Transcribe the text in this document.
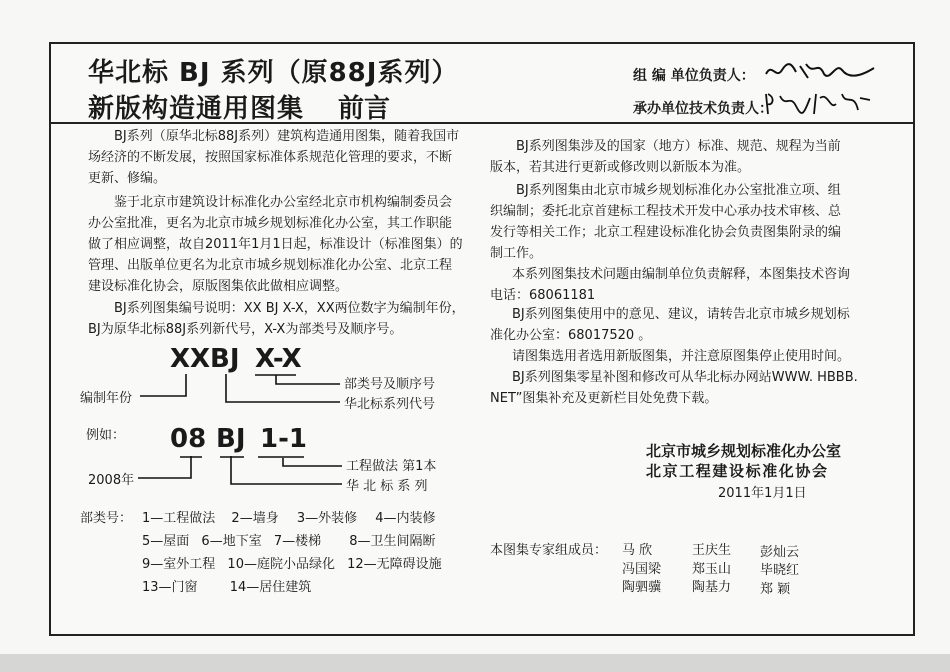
华北标 BJ 系列（原88J系列）
新版构造通用图集 前言
组 编 单位负责人：
承办单位技术负责人：
BJ系列（原华北标88J系列）建筑构造通用图集，随着我国市
场经济的不断发展，按照国家标准体系规范化管理的要求，不断
更新、修编。
鉴于北京市建筑设计标准化办公室经北京市机构编制委员会
办公室批准，更名为北京市城乡规划标准化办公室，其工作职能
做了相应调整，故自2011年1月1日起，标准设计（标准图集）的
管理、出版单位更名为北京市城乡规划标准化办公室、北京工程
建设标准化协会，原版图集依此做相应调整。
BJ系列图集编号说明：XX BJ X-X，XX两位数字为编制年份，
BJ为原华北标88J系列新代号，X-X为部类号及顺序号。
XX BJ X-X
编制年份
部类号及顺序号
华北标系列代号
例如： 08 BJ 1-1
2008年
工程做法 第1本
华 北 标 系 列
部类号： 1—工程做法 2—墙身 3—外装修 4—内装修
5—屋面 6—地下室 7—楼梯 8—卫生间隔断
9—室外工程 10—庭院小品绿化 12—无障碍设施
13—门窗 14—居住建筑
BJ系列图集涉及的国家（地方）标准、规范、规程为当前
版本，若其进行更新或修改则以新版本为准。
BJ系列图集由北京市城乡规划标准化办公室批准立项、组
织编制；委托北京首建标工程技术开发中心承办技术审核、总
发行等相关工作；北京工程建设标准化协会负责图集附录的编
制工作。
本系列图集技术问题由编制单位负责解释，本图集技术咨询
电话：68061181
BJ系列图集使用中的意见、建议，请转告北京市城乡规划标
准化办公室：68017520 。
请图集选用者选用新版图集，并注意原图集停止使用时间。
BJ系列图集零星补图和修改可从华北标办网站WWW. HBBB.
NET”图集补充及更新栏目处免费下载。
北京市城乡规划标准化办公室
北京工程建设标准化协会
2011年1月1日
本图集专家组成员： 马 欣	王庆生 彭灿云
冯国梁 郑玉山 毕晓红
陶驷骥 陶基力 郑 颖
